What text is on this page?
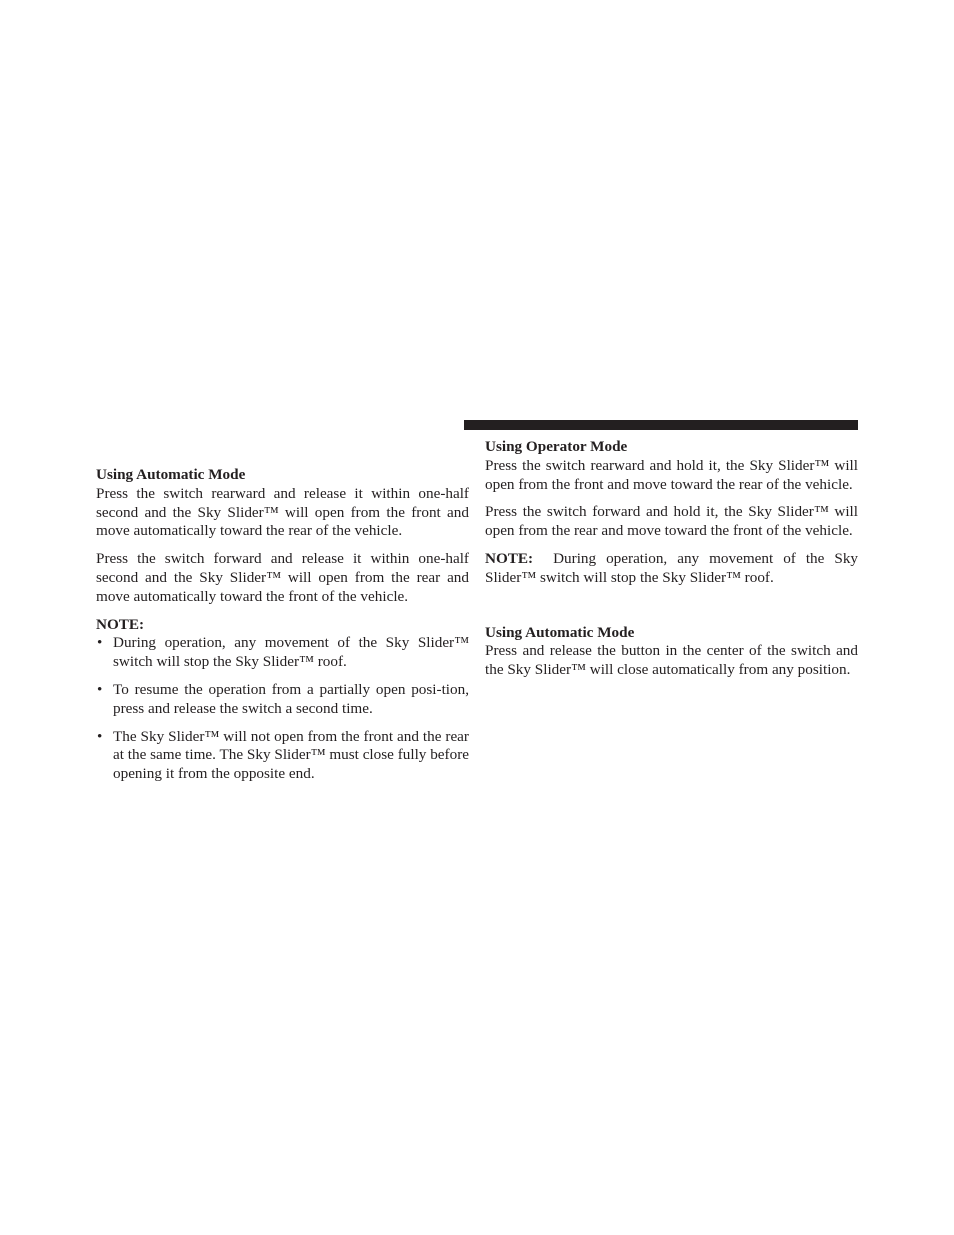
Using Automatic Mode

Press the switch rearward and release it within one-half second and the Sky Slider™ will open from the front and move automatically toward the rear of the vehicle.

Press the switch forward and release it within one-half second and the Sky Slider™ will open from the rear and move automatically toward the front of the vehicle.

NOTE:
• During operation, any movement of the Sky Slider™ switch will stop the Sky Slider™ roof.
• To resume the operation from a partially open posi-tion, press and release the switch a second time.
• The Sky Slider™ will not open from the front and the rear at the same time. The Sky Slider™ must close fully before opening it from the opposite end.
Using Operator Mode

Press the switch rearward and hold it, the Sky Slider™ will open from the front and move toward the rear of the vehicle.

Press the switch forward and hold it, the Sky Slider™ will open from the rear and move toward the front of the vehicle.

NOTE: During operation, any movement of the Sky Slider™ switch will stop the Sky Slider™ roof.

Using Automatic Mode

Press and release the button in the center of the switch and the Sky Slider™ will close automatically from any position.
